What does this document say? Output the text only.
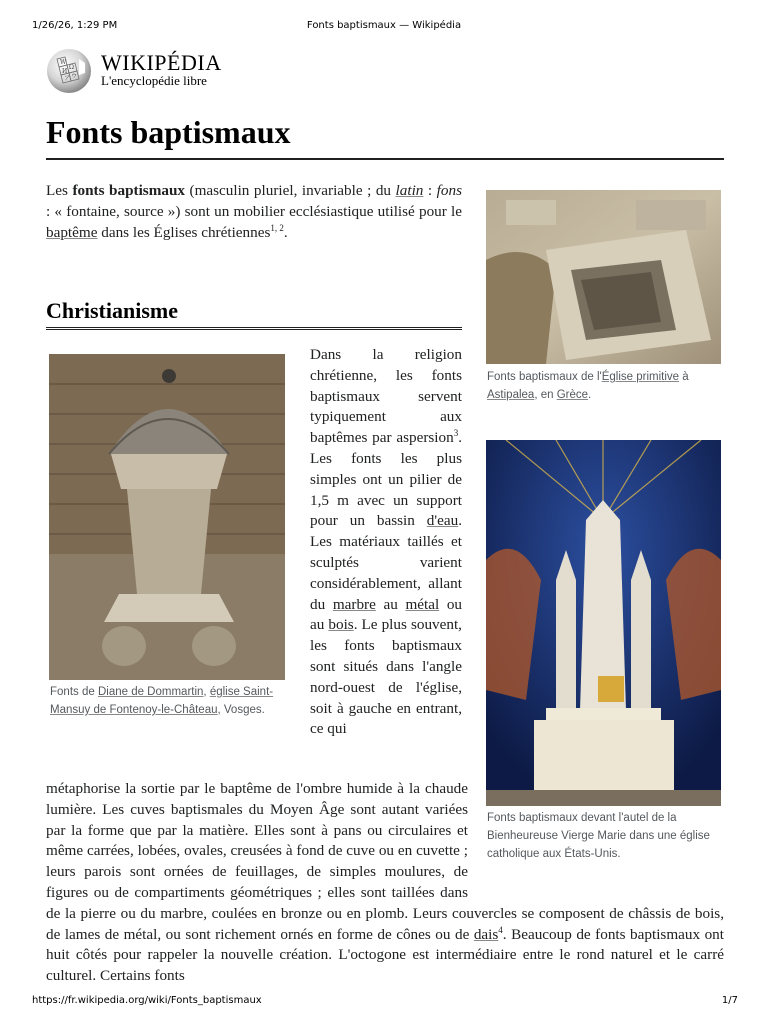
1/26/26, 1:29 PM	Fonts baptismaux — Wikipédia
W
Ω
И
ウ
ア
WIKIPÉDIA
L'encyclopédie libre
Fonts baptismaux

Les fonts baptismaux (masculin pluriel, invariable ; du latin : fons : « fontaine, source ») sont un mobilier ecclésiastique utilisé pour le baptême dans les Églises chrétiennes$^{1, 2}$.

Christianisme
Fonts baptismaux de l'Église primitive à
Astipalea, en Grèce.
Fonts de Diane de Dommartin, église Saint-Mansuy de Fontenoy-le-Château, Vosges.
Fonts baptismaux devant l'autel de la Bienheureuse Vierge Marie dans une église catholique aux États-Unis.

Dans la religion chrétienne, les fonts baptismaux servent typiquement aux baptêmes par aspersion$^3$. Les fonts les plus simples ont un pilier de 1,5 m avec un support pour un bassin d'eau. Les matériaux taillés et sculptés varient considérablement, allant du marbre au métal ou au bois. Le plus souvent, les fonts baptismaux sont situés dans l'angle nord-ouest de l'église, soit à gauche en entrant, ce qui

métaphorise la sortie par le baptême de l'ombre humide à la chaude lumière. Les cuves baptismales du Moyen Âge sont autant variées par la forme que par la matière. Elles sont à pans ou circulaires et même carrées, lobées, ovales, creusées à fond de cuve ou en cuvette ; leurs parois sont ornées de feuillages, de simples moulures, de figures ou de compartiments géométriques ; elles sont taillées dans de la pierre ou du marbre, coulées en bronze ou en plomb. Leurs couvercles se composent de châssis de bois, de lames de métal, ou sont richement ornés en forme de cônes ou de dais$^4$. Beaucoup de fonts baptismaux ont huit côtés pour rappeler la nouvelle création. L'octogone est intermédiaire entre le rond naturel et le carré culturel. Certains fonts

https://fr.wikipedia.org/wiki/Fonts_baptismaux	1/7
